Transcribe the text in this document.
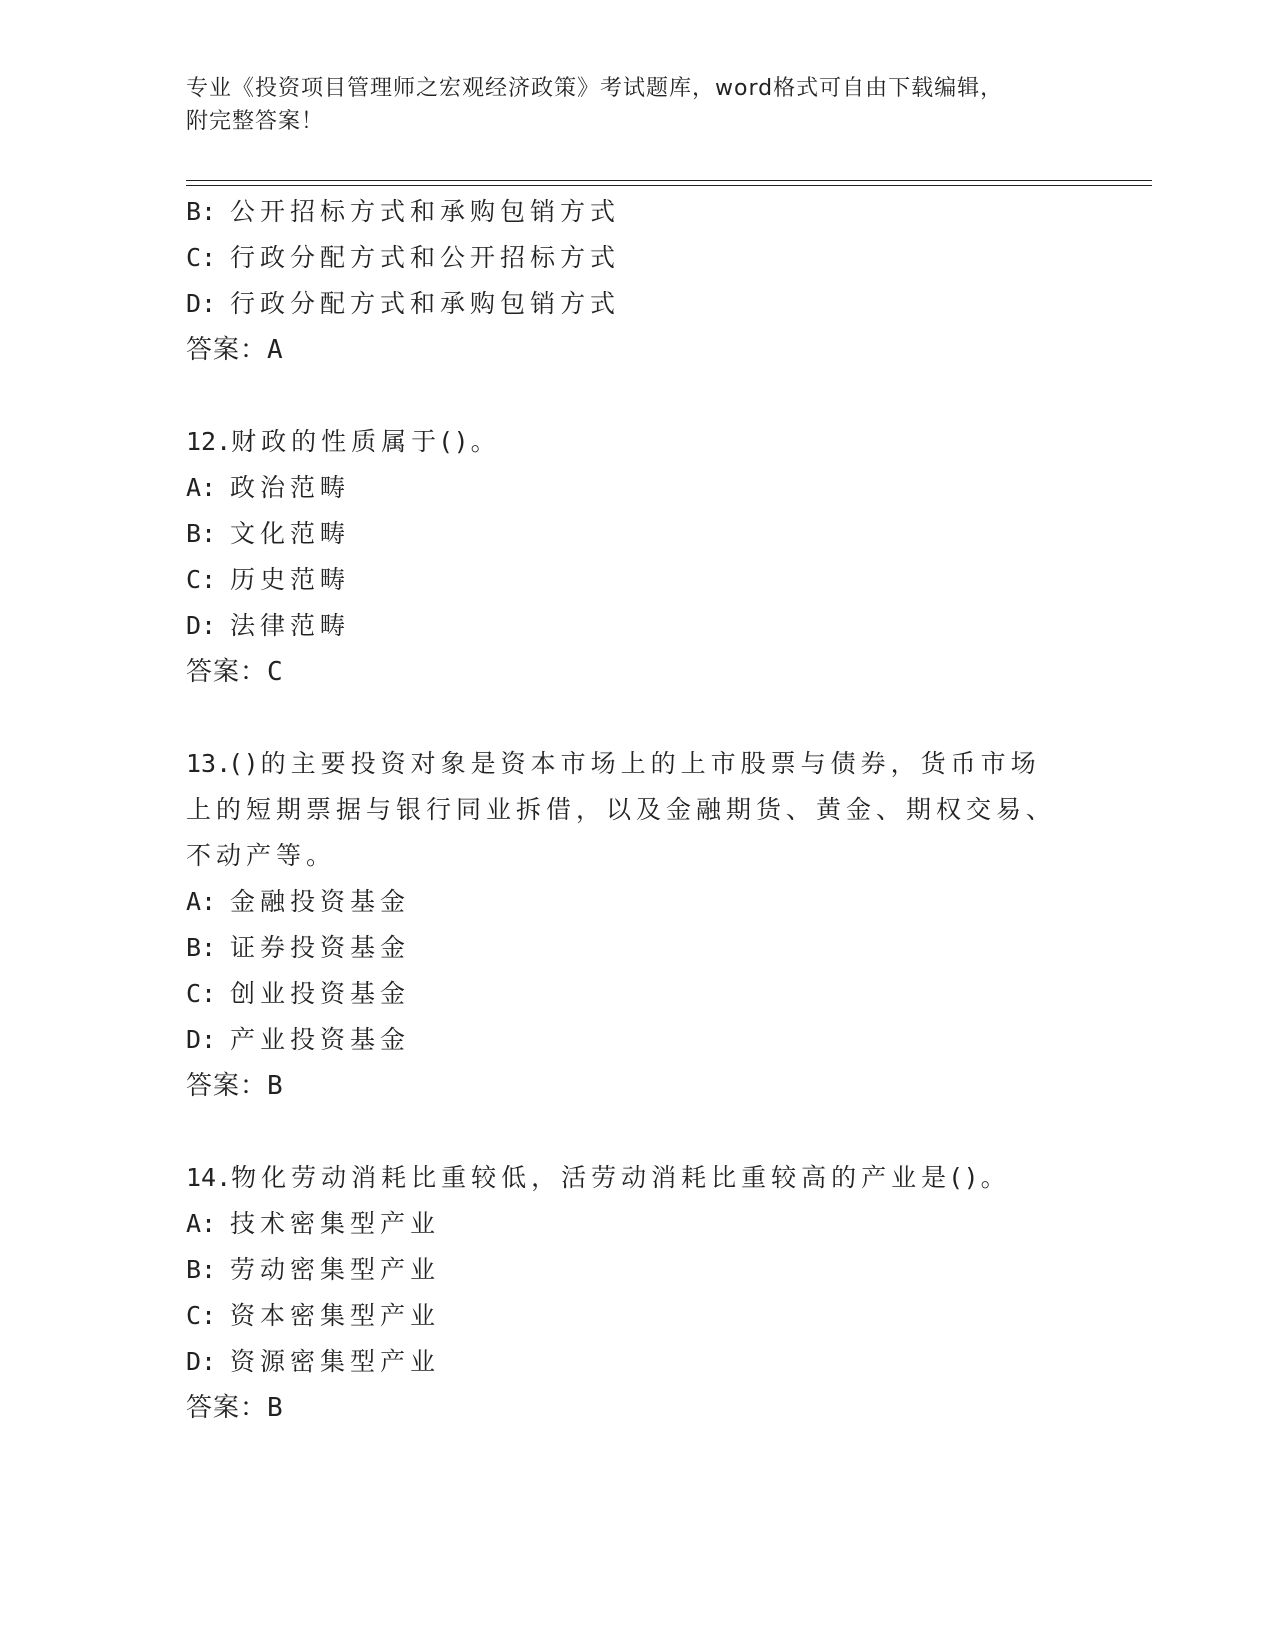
专业《投资项目管理师之宏观经济政策》考试题库，word格式可自由下载编辑，
附完整答案！
B: 公开招标方式和承购包销方式
C: 行政分配方式和公开招标方式
D: 行政分配方式和承购包销方式
答案：A
12.财政的性质属于()。
A: 政治范畴
B: 文化范畴
C: 历史范畴
D: 法律范畴
答案：C
13.()的主要投资对象是资本市场上的上市股票与债券，货币市场上的短期票据与银行同业拆借，以及金融期货、黄金、期权交易、不动产等。
A: 金融投资基金
B: 证券投资基金
C: 创业投资基金
D: 产业投资基金
答案：B
14.物化劳动消耗比重较低，活劳动消耗比重较高的产业是()。
A: 技术密集型产业
B: 劳动密集型产业
C: 资本密集型产业
D: 资源密集型产业
答案：B
